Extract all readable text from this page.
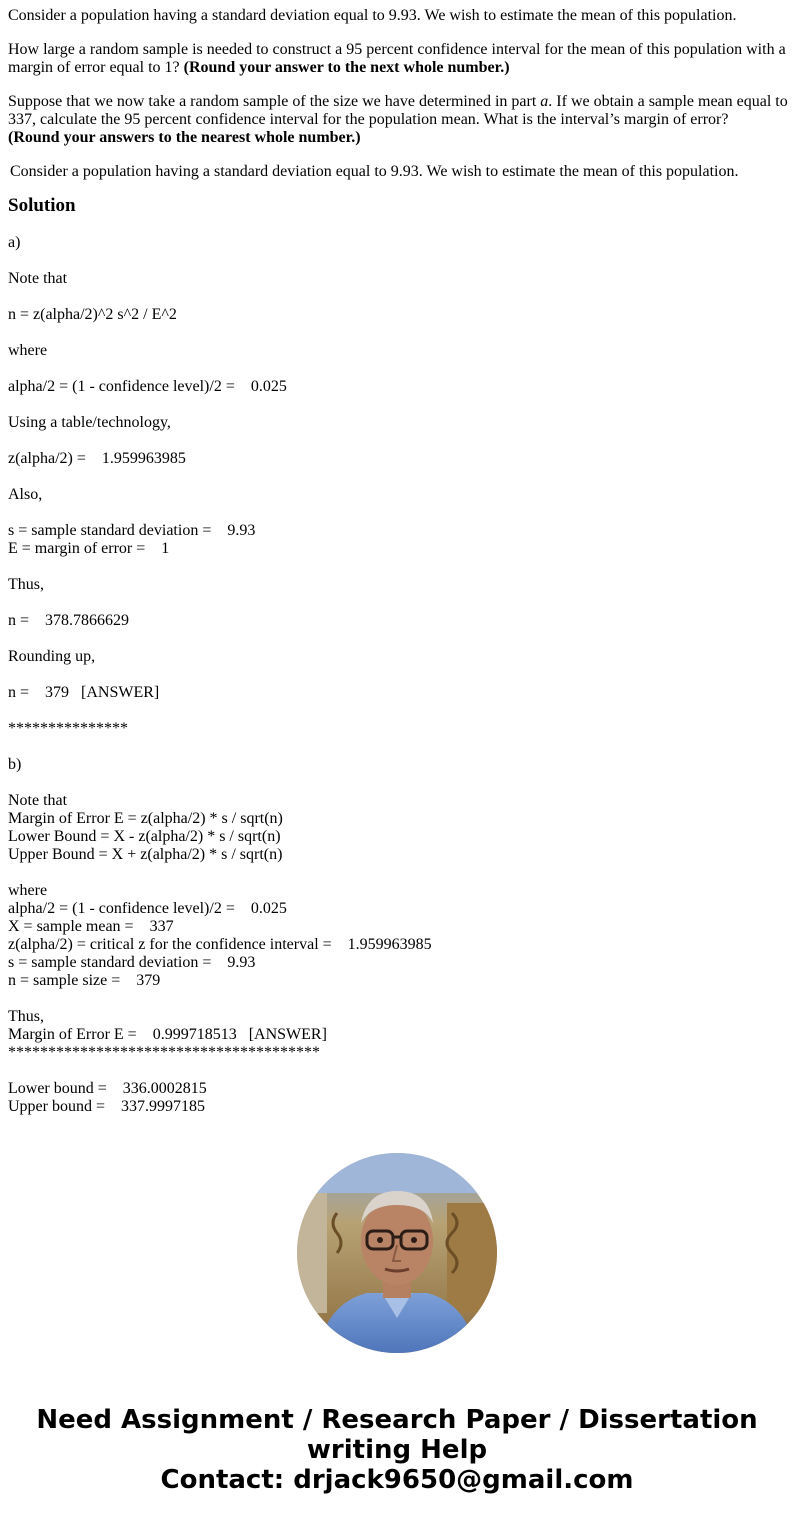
Consider a population having a standard deviation equal to 9.93. We wish to estimate the mean of this population.

How large a random sample is needed to construct a 95 percent confidence interval for the mean of this population with a margin of error equal to 1? (Round your answer to the next whole number.)

Suppose that we now take a random sample of the size we have determined in part a. If we obtain a sample mean equal to 337, calculate the 95 percent confidence interval for the population mean. What is the interval’s margin of error?
(Round your answers to the nearest whole number.)

Consider a population having a standard deviation equal to 9.93. We wish to estimate the mean of this population.

Solution
a)
Note that
n = z(alpha/2)^2 s^2 / E^2
where
alpha/2 = (1 - confidence level)/2 =    0.025
Using a table/technology,
z(alpha/2) =    1.959963985
Also,
s = sample standard deviation =    9.93
E = margin of error =    1
Thus,
n =    378.7866629
Rounding up,
n =    379   [ANSWER]
***************
b)
Note that
Margin of Error E = z(alpha/2) * s / sqrt(n)
Lower Bound = X - z(alpha/2) * s / sqrt(n)
Upper Bound = X + z(alpha/2) * s / sqrt(n)
where
alpha/2 = (1 - confidence level)/2 =    0.025
X = sample mean =    337
z(alpha/2) = critical z for the confidence interval =    1.959963985
s = sample standard deviation =    9.93
n = sample size =    379
Thus,
Margin of Error E =    0.999718513   [ANSWER]
***************************************
Lower bound =    336.0002815
Upper bound =    337.9997185
Need Assignment / Research Paper / Dissertation
writing Help
Contact: drjack9650@gmail.com
